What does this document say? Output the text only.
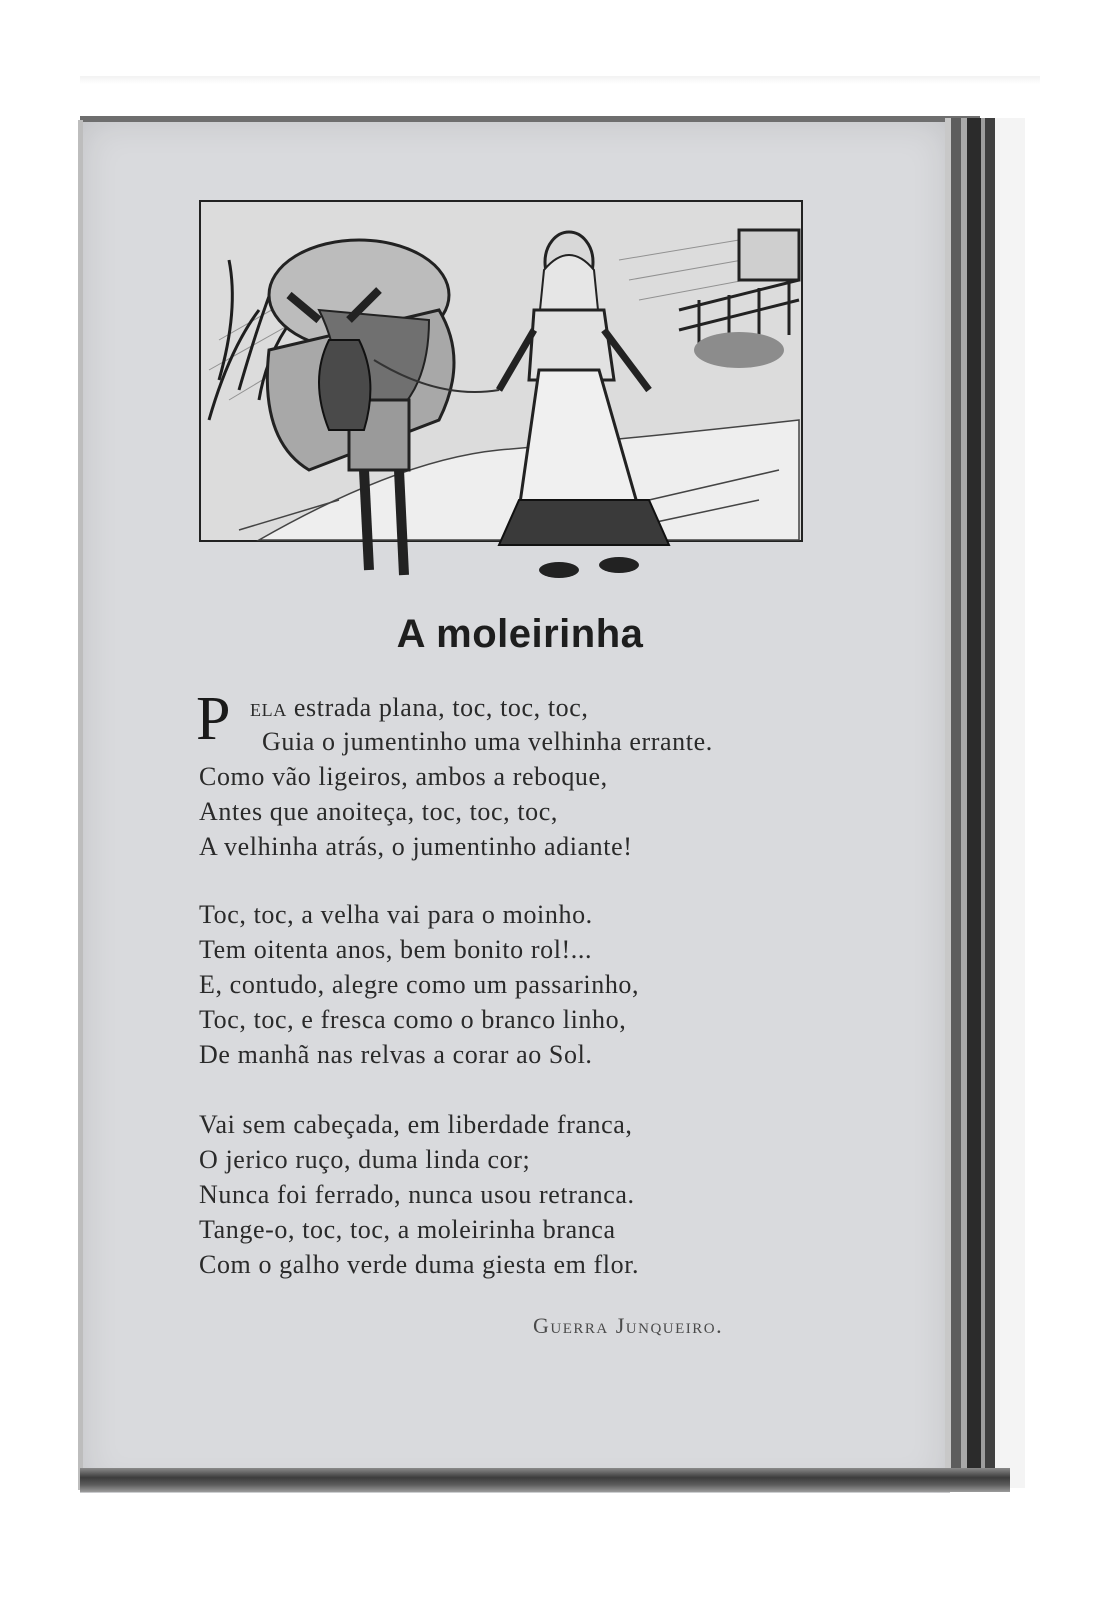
A moleirinha
P ELA estrada plana, toc, toc, toc,
Guia o jumentinho uma velhinha errante.
Como vão ligeiros, ambos a reboque,
Antes que anoiteça, toc, toc, toc,
A velhinha atrás, o jumentinho adiante!
Toc, toc, a velha vai para o moinho.
Tem oitenta anos, bem bonito rol!...
E, contudo, alegre como um passarinho,
Toc, toc, e fresca como o branco linho,
De manhã nas relvas a corar ao Sol.
Vai sem cabeçada, em liberdade franca,
O jerico ruço, duma linda cor;
Nunca foi ferrado, nunca usou retranca.
Tange-o, toc, toc, a moleirinha branca
Com o galho verde duma giesta em flor.
Guerra Junqueiro.
